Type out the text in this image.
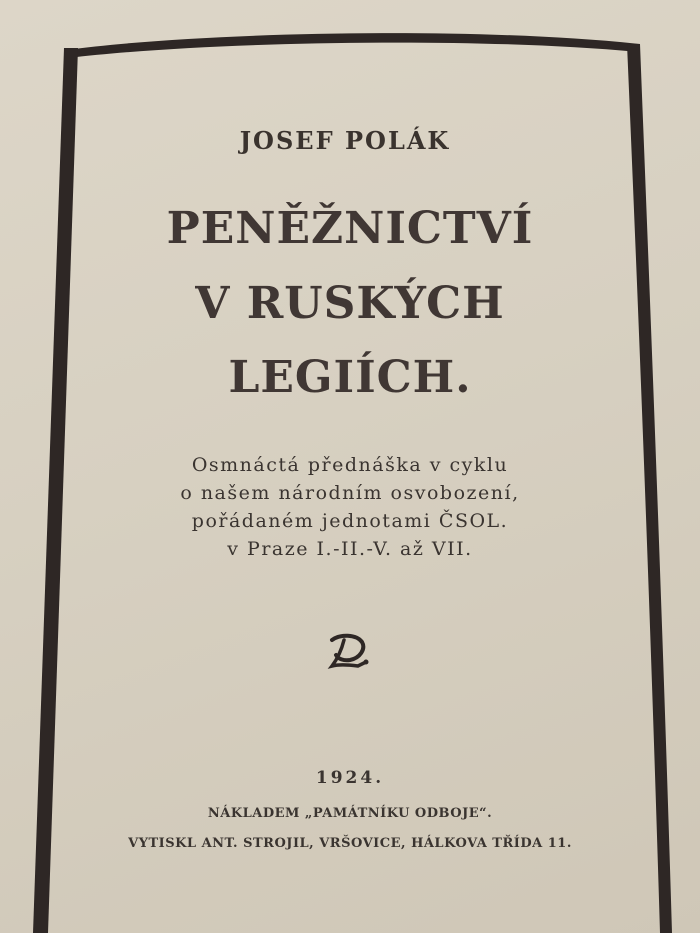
JOSEF POLÁK
PENĚŽNICTVÍ
V RUSKÝCH
LEGIÍCH.
Osmnáctá přednáška v cyklu
o našem národním osvobození,
pořádaném jednotami ČSOL.
v Praze I.-II.-V. až VII.
1924.
NÁKLADEM „PAMÁTNÍKU ODBOJE“.
VYTISKL ANT. STROJIL, VRŠOVICE, HÁLKOVA TŘÍDA 11.
